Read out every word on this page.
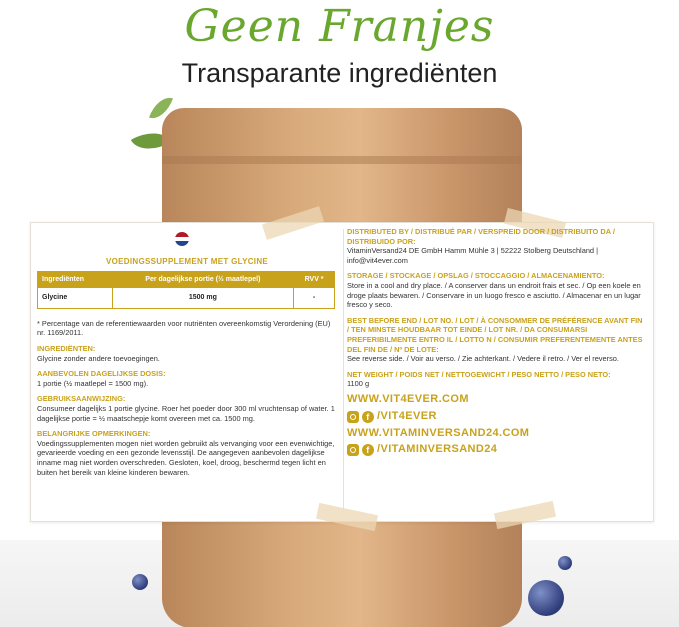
Geen Franjes
Transparante ingrediënten
VOEDINGSSUPPLEMENT MET GLYCINE
Ingrediënten	Per dagelijkse portie (½ maatlepel)	RVV *
Glycine	1500 mg	-
* Percentage van de referentiewaarden voor nutriënten overeenkomstig Verordening (EU) nr. 1169/2011.
INGREDIËNTEN:
Glycine zonder andere toevoegingen.
AANBEVOLEN DAGELIJKSE DOSIS:
1 portie (½ maatlepel = 1500 mg).
GEBRUIKSAANWIJZING:
Consumeer dagelijks 1 portie glycine. Roer het poeder door 300 ml vruchtensap of water. 1 dagelijkse portie = ½ maatschepje komt overeen met ca. 1500 mg.
BELANGRIJKE OPMERKINGEN:
Voedingssupplementen mogen niet worden gebruikt als vervanging voor een evenwichtige, gevarieerde voeding en een gezonde levensstijl. De aangegeven aanbevolen dagelijkse inname mag niet worden overschreden. Gesloten, koel, droog, beschermd tegen licht en buiten het bereik van kleine kinderen bewaren.
DISTRIBUTED BY / DISTRIBUÉ PAR / VERSPREID DOOR / DISTRIBUITO DA / DISTRIBUIDO POR:
VitaminVersand24 DE GmbH Hamm Mühle 3 | 52222 Stolberg Deutschland | info@vit4ever.com
STORAGE / STOCKAGE / OPSLAG / STOCCAGGIO / ALMACENAMIENTO:
Store in a cool and dry place. / A conserver dans un endroit frais et sec. / Op een koele en droge plaats bewaren. / Conservare in un luogo fresco e asciutto. / Almacenar en un lugar fresco y seco.
BEST BEFORE END / LOT NO. / LOT / À CONSOMMER DE PRÉFÉRENCE AVANT FIN / TEN MINSTE HOUDBAAR TOT EINDE / LOT NR. / DA CONSUMARSI PREFERIBILMENTE ENTRO IL / LOTTO N / CONSUMIR PREFERENTEMENTE ANTES DEL FIN DE / Nº DE LOTE:
See reverse side. / Voir au verso. / Zie achterkant. / Vedere il retro. / Ver el reverso.
NET WEIGHT / POIDS NET / NETTOGEWICHT / PESO NETTO / PESO NETO:
1100 g
WWW.VIT4EVER.COM
f /VIT4EVER
WWW.VITAMINVERSAND24.COM
f /VITAMINVERSAND24
